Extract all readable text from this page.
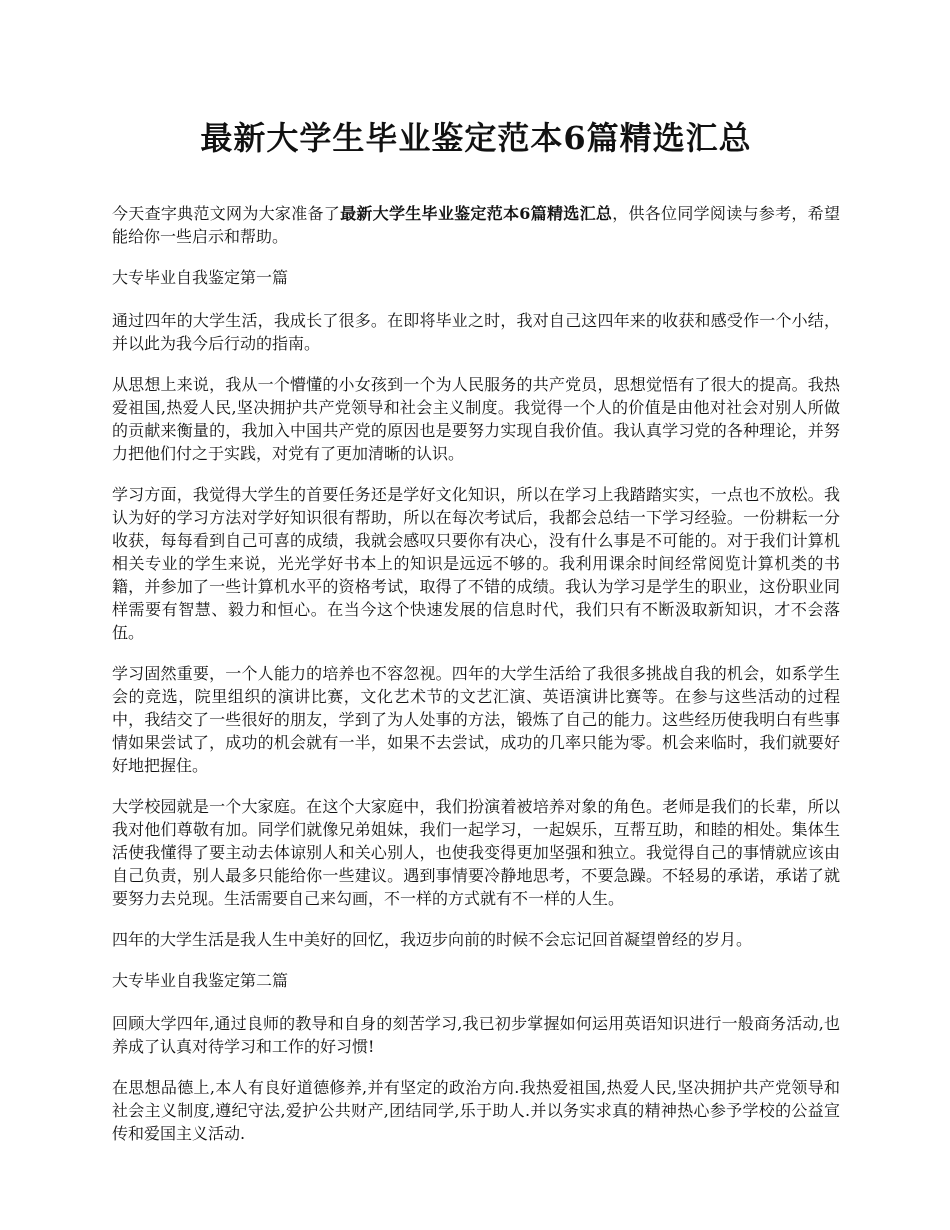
最新大学生毕业鉴定范本6篇精选汇总

今天查字典范文网为大家准备了最新大学生毕业鉴定范本6篇精选汇总，供各位同学阅读与参考，希望能给你一些启示和帮助。

大专毕业自我鉴定第一篇

通过四年的大学生活，我成长了很多。在即将毕业之时，我对自己这四年来的收获和感受作一个小结，并以此为我今后行动的指南。

从思想上来说，我从一个懵懂的小女孩到一个为人民服务的共产党员，思想觉悟有了很大的提高。我热爱祖国,热爱人民,坚决拥护共产党领导和社会主义制度。我觉得一个人的价值是由他对社会对别人所做的贡献来衡量的，我加入中国共产党的原因也是要努力实现自我价值。我认真学习党的各种理论，并努力把他们付之于实践，对党有了更加清晰的认识。

学习方面，我觉得大学生的首要任务还是学好文化知识，所以在学习上我踏踏实实，一点也不放松。我认为好的学习方法对学好知识很有帮助，所以在每次考试后，我都会总结一下学习经验。一份耕耘一分收获，每每看到自己可喜的成绩，我就会感叹只要你有决心，没有什么事是不可能的。对于我们计算机相关专业的学生来说，光光学好书本上的知识是远远不够的。我利用课余时间经常阅览计算机类的书籍，并参加了一些计算机水平的资格考试，取得了不错的成绩。我认为学习是学生的职业，这份职业同样需要有智慧、毅力和恒心。在当今这个快速发展的信息时代，我们只有不断汲取新知识，才不会落伍。

学习固然重要，一个人能力的培养也不容忽视。四年的大学生活给了我很多挑战自我的机会，如系学生会的竞选，院里组织的演讲比赛，文化艺术节的文艺汇演、英语演讲比赛等。在参与这些活动的过程中，我结交了一些很好的朋友，学到了为人处事的方法，锻炼了自己的能力。这些经历使我明白有些事情如果尝试了，成功的机会就有一半，如果不去尝试，成功的几率只能为零。机会来临时，我们就要好好地把握住。

大学校园就是一个大家庭。在这个大家庭中，我们扮演着被培养对象的角色。老师是我们的长辈，所以我对他们尊敬有加。同学们就像兄弟姐妹，我们一起学习，一起娱乐，互帮互助，和睦的相处。集体生活使我懂得了要主动去体谅别人和关心别人，也使我变得更加坚强和独立。我觉得自己的事情就应该由自己负责，别人最多只能给你一些建议。遇到事情要冷静地思考，不要急躁。不轻易的承诺，承诺了就要努力去兑现。生活需要自己来勾画，不一样的方式就有不一样的人生。

四年的大学生活是我人生中美好的回忆，我迈步向前的时候不会忘记回首凝望曾经的岁月。

大专毕业自我鉴定第二篇

回顾大学四年,通过良师的教导和自身的刻苦学习,我已初步掌握如何运用英语知识进行一般商务活动,也养成了认真对待学习和工作的好习惯!

在思想品德上,本人有良好道德修养,并有坚定的政治方向.我热爱祖国,热爱人民,坚决拥护共产党领导和社会主义制度,遵纪守法,爱护公共财产,团结同学,乐于助人.并以务实求真的精神热心参予学校的公益宣传和爱国主义活动.
